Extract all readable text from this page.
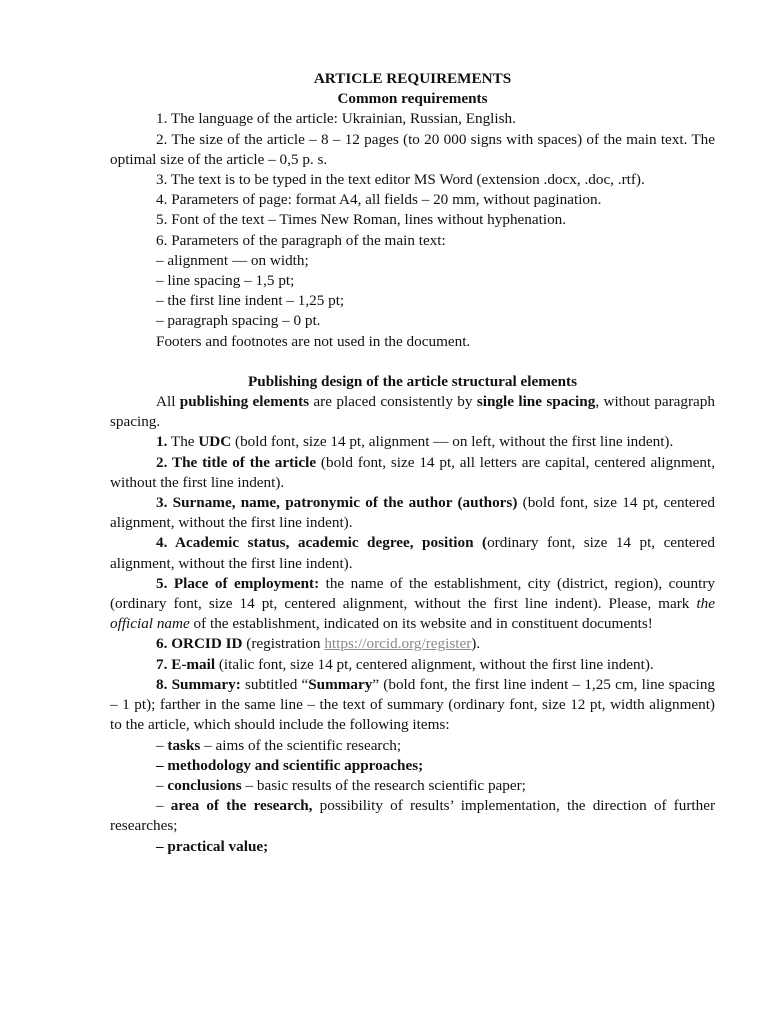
ARTICLE REQUIREMENTS

Common requirements

1. The language of the article: Ukrainian, Russian, English.

2. The size of the article – 8 – 12 pages (to 20 000 signs with spaces) of the main text. The optimal size of the article – 0,5 p. s.

3. The text is to be typed in the text editor MS Word (extension .docx, .doc, .rtf).

4. Parameters of page: format A4, all fields – 20 mm, without pagination.

5. Font of the text – Times New Roman, lines without hyphenation.

6. Parameters of the paragraph of the main text:

– alignment — on width;

– line spacing – 1,5 pt;

– the first line indent – 1,25 pt;

– paragraph spacing – 0 pt.

Footers and footnotes are not used in the document.

Publishing design of the article structural elements

All publishing elements are placed consistently by single line spacing, without paragraph spacing.

1. The UDC (bold font, size 14 pt, alignment — on left, without the first line indent).

2. The title of the article (bold font, size 14 pt, all letters are capital, centered alignment, without the first line indent).

3. Surname, name, patronymic of the author (authors) (bold font, size 14 pt, centered alignment, without the first line indent).

4. Academic status, academic degree, position (ordinary font, size 14 pt, centered alignment, without the first line indent).

5. Place of employment: the name of the establishment, city (district, region), country (ordinary font, size 14 pt, centered alignment, without the first line indent). Please, mark the official name of the establishment, indicated on its website and in constituent documents!

6. ORCID ID (registration https://orcid.org/register).

7. E-mail (italic font, size 14 pt, centered alignment, without the first line indent).

8. Summary: subtitled “Summary” (bold font, the first line indent – 1,25 cm, line spacing – 1 pt); farther in the same line – the text of summary (ordinary font, size 12 pt, width alignment) to the article, which should include the following items:

– tasks – aims of the scientific research;

– methodology and scientific approaches;

– conclusions – basic results of the research scientific paper;

– area of the research, possibility of results’ implementation, the direction of further researches;

– practical value;
